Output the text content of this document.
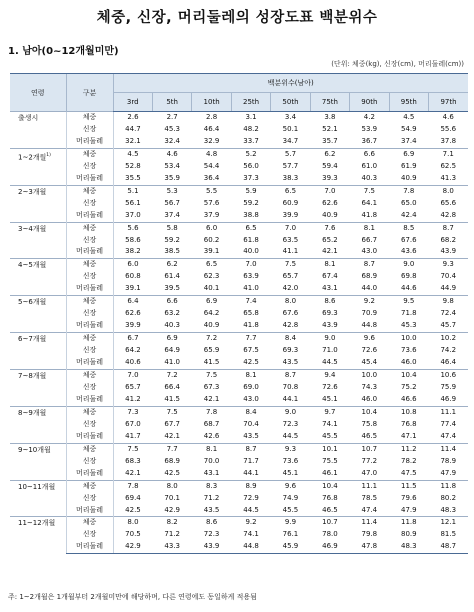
체중, 신장, 머리둘레의 성장도표 백분위수
1. 남아(0~12개월미만)
(단위: 체중(kg), 신장(cm), 머리둘레(cm))
연령	구분	백분위수(남아)								
		3rd	5th	10th	25th	50th	75th	90th	95th	97th
출생시	체중	2.6	2.7	2.8	3.1	3.4	3.8	4.2	4.5	4.6
	신장	44.7	45.3	46.4	48.2	50.1	52.1	53.9	54.9	55.6
	머리둘레	32.1	32.4	32.9	33.7	34.7	35.7	36.7	37.4	37.8
1~2개월$^{1)}$	체중	4.5	4.6	4.8	5.2	5.7	6.2	6.6	6.9	7.1
	신장	52.8	53.4	54.4	56.0	57.7	59.4	61.0	61.9	62.5
	머리둘레	35.5	35.9	36.4	37.3	38.3	39.3	40.3	40.9	41.3
2~3개월	체중	5.1	5.3	5.5	5.9	6.5	7.0	7.5	7.8	8.0
	신장	56.1	56.7	57.6	59.2	60.9	62.6	64.1	65.0	65.6
	머리둘레	37.0	37.4	37.9	38.8	39.9	40.9	41.8	42.4	42.8
3~4개월	체중	5.6	5.8	6.0	6.5	7.0	7.6	8.1	8.5	8.7
	신장	58.6	59.2	60.2	61.8	63.5	65.2	66.7	67.6	68.2
	머리둘레	38.2	38.5	39.1	40.0	41.1	42.1	43.0	43.6	43.9
4~5개월	체중	6.0	6.2	6.5	7.0	7.5	8.1	8.7	9.0	9.3
	신장	60.8	61.4	62.3	63.9	65.7	67.4	68.9	69.8	70.4
	머리둘레	39.1	39.5	40.1	41.0	42.0	43.1	44.0	44.6	44.9
5~6개월	체중	6.4	6.6	6.9	7.4	8.0	8.6	9.2	9.5	9.8
	신장	62.6	63.2	64.2	65.8	67.6	69.3	70.9	71.8	72.4
	머리둘레	39.9	40.3	40.9	41.8	42.8	43.9	44.8	45.3	45.7
6~7개월	체중	6.7	6.9	7.2	7.7	8.4	9.0	9.6	10.0	10.2
	신장	64.2	64.9	65.9	67.5	69.3	71.0	72.6	73.6	74.2
	머리둘레	40.6	41.0	41.5	42.5	43.5	44.5	45.4	46.0	46.4
7~8개월	체중	7.0	7.2	7.5	8.1	8.7	9.4	10.0	10.4	10.6
	신장	65.7	66.4	67.3	69.0	70.8	72.6	74.3	75.2	75.9
	머리둘레	41.2	41.5	42.1	43.0	44.1	45.1	46.0	46.6	46.9
8~9개월	체중	7.3	7.5	7.8	8.4	9.0	9.7	10.4	10.8	11.1
	신장	67.0	67.7	68.7	70.4	72.3	74.1	75.8	76.8	77.4
	머리둘레	41.7	42.1	42.6	43.5	44.5	45.5	46.5	47.1	47.4
9~10개월	체중	7.5	7.7	8.1	8.7	9.3	10.1	10.7	11.2	11.4
	신장	68.3	68.9	70.0	71.7	73.6	75.5	77.2	78.2	78.9
	머리둘레	42.1	42.5	43.1	44.1	45.1	46.1	47.0	47.5	47.9
10~11개월	체중	7.8	8.0	8.3	8.9	9.6	10.4	11.1	11.5	11.8
	신장	69.4	70.1	71.2	72.9	74.9	76.8	78.5	79.6	80.2
	머리둘레	42.5	42.9	43.5	44.5	45.5	46.5	47.4	47.9	48.3
11~12개월	체중	8.0	8.2	8.6	9.2	9.9	10.7	11.4	11.8	12.1
	신장	70.5	71.2	72.3	74.1	76.1	78.0	79.8	80.9	81.5
	머리둘레	42.9	43.3	43.9	44.8	45.9	46.9	47.8	48.3	48.7
주: 1~2개월은 1개월부터 2개월미만에 해당하며, 다른 연령에도 동일하게 적용됨
